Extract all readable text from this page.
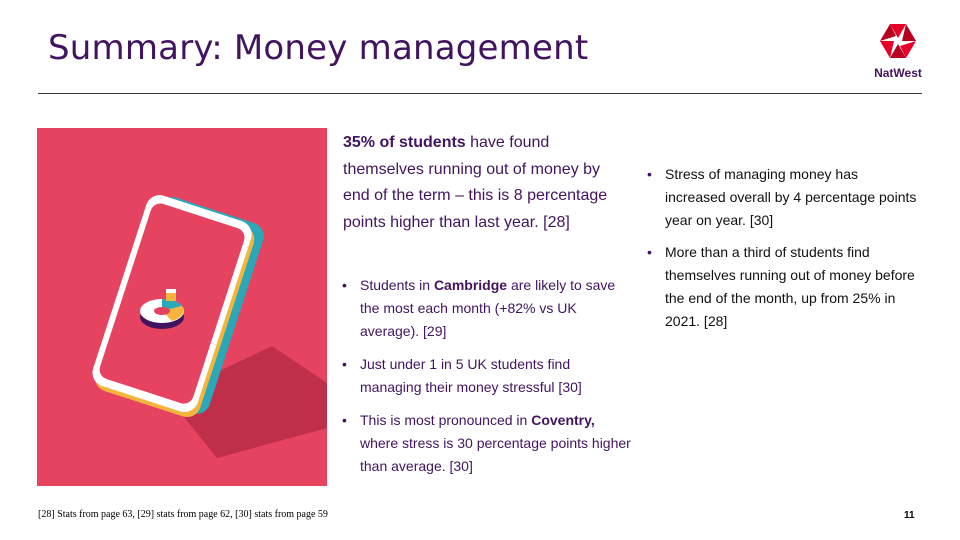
Summary: Money management
NatWest
35% of students have found themselves running out of money by end of the term – this is 8 percentage points higher than last year. [28]
• Students in Cambridge are likely to save the most each month (+82% vs UK average). [29]
• Just under 1 in 5 UK students find managing their money stressful [30]
• This is most pronounced in Coventry, where stress is 30 percentage points higher than average. [30]
• Stress of managing money has increased overall by 4 percentage points year on year. [30]
• More than a third of students find themselves running out of money before the end of the month, up from 25% in 2021. [28]
[28] Stats from page 63, [29] stats from page 62, [30] stats from page 59	11
